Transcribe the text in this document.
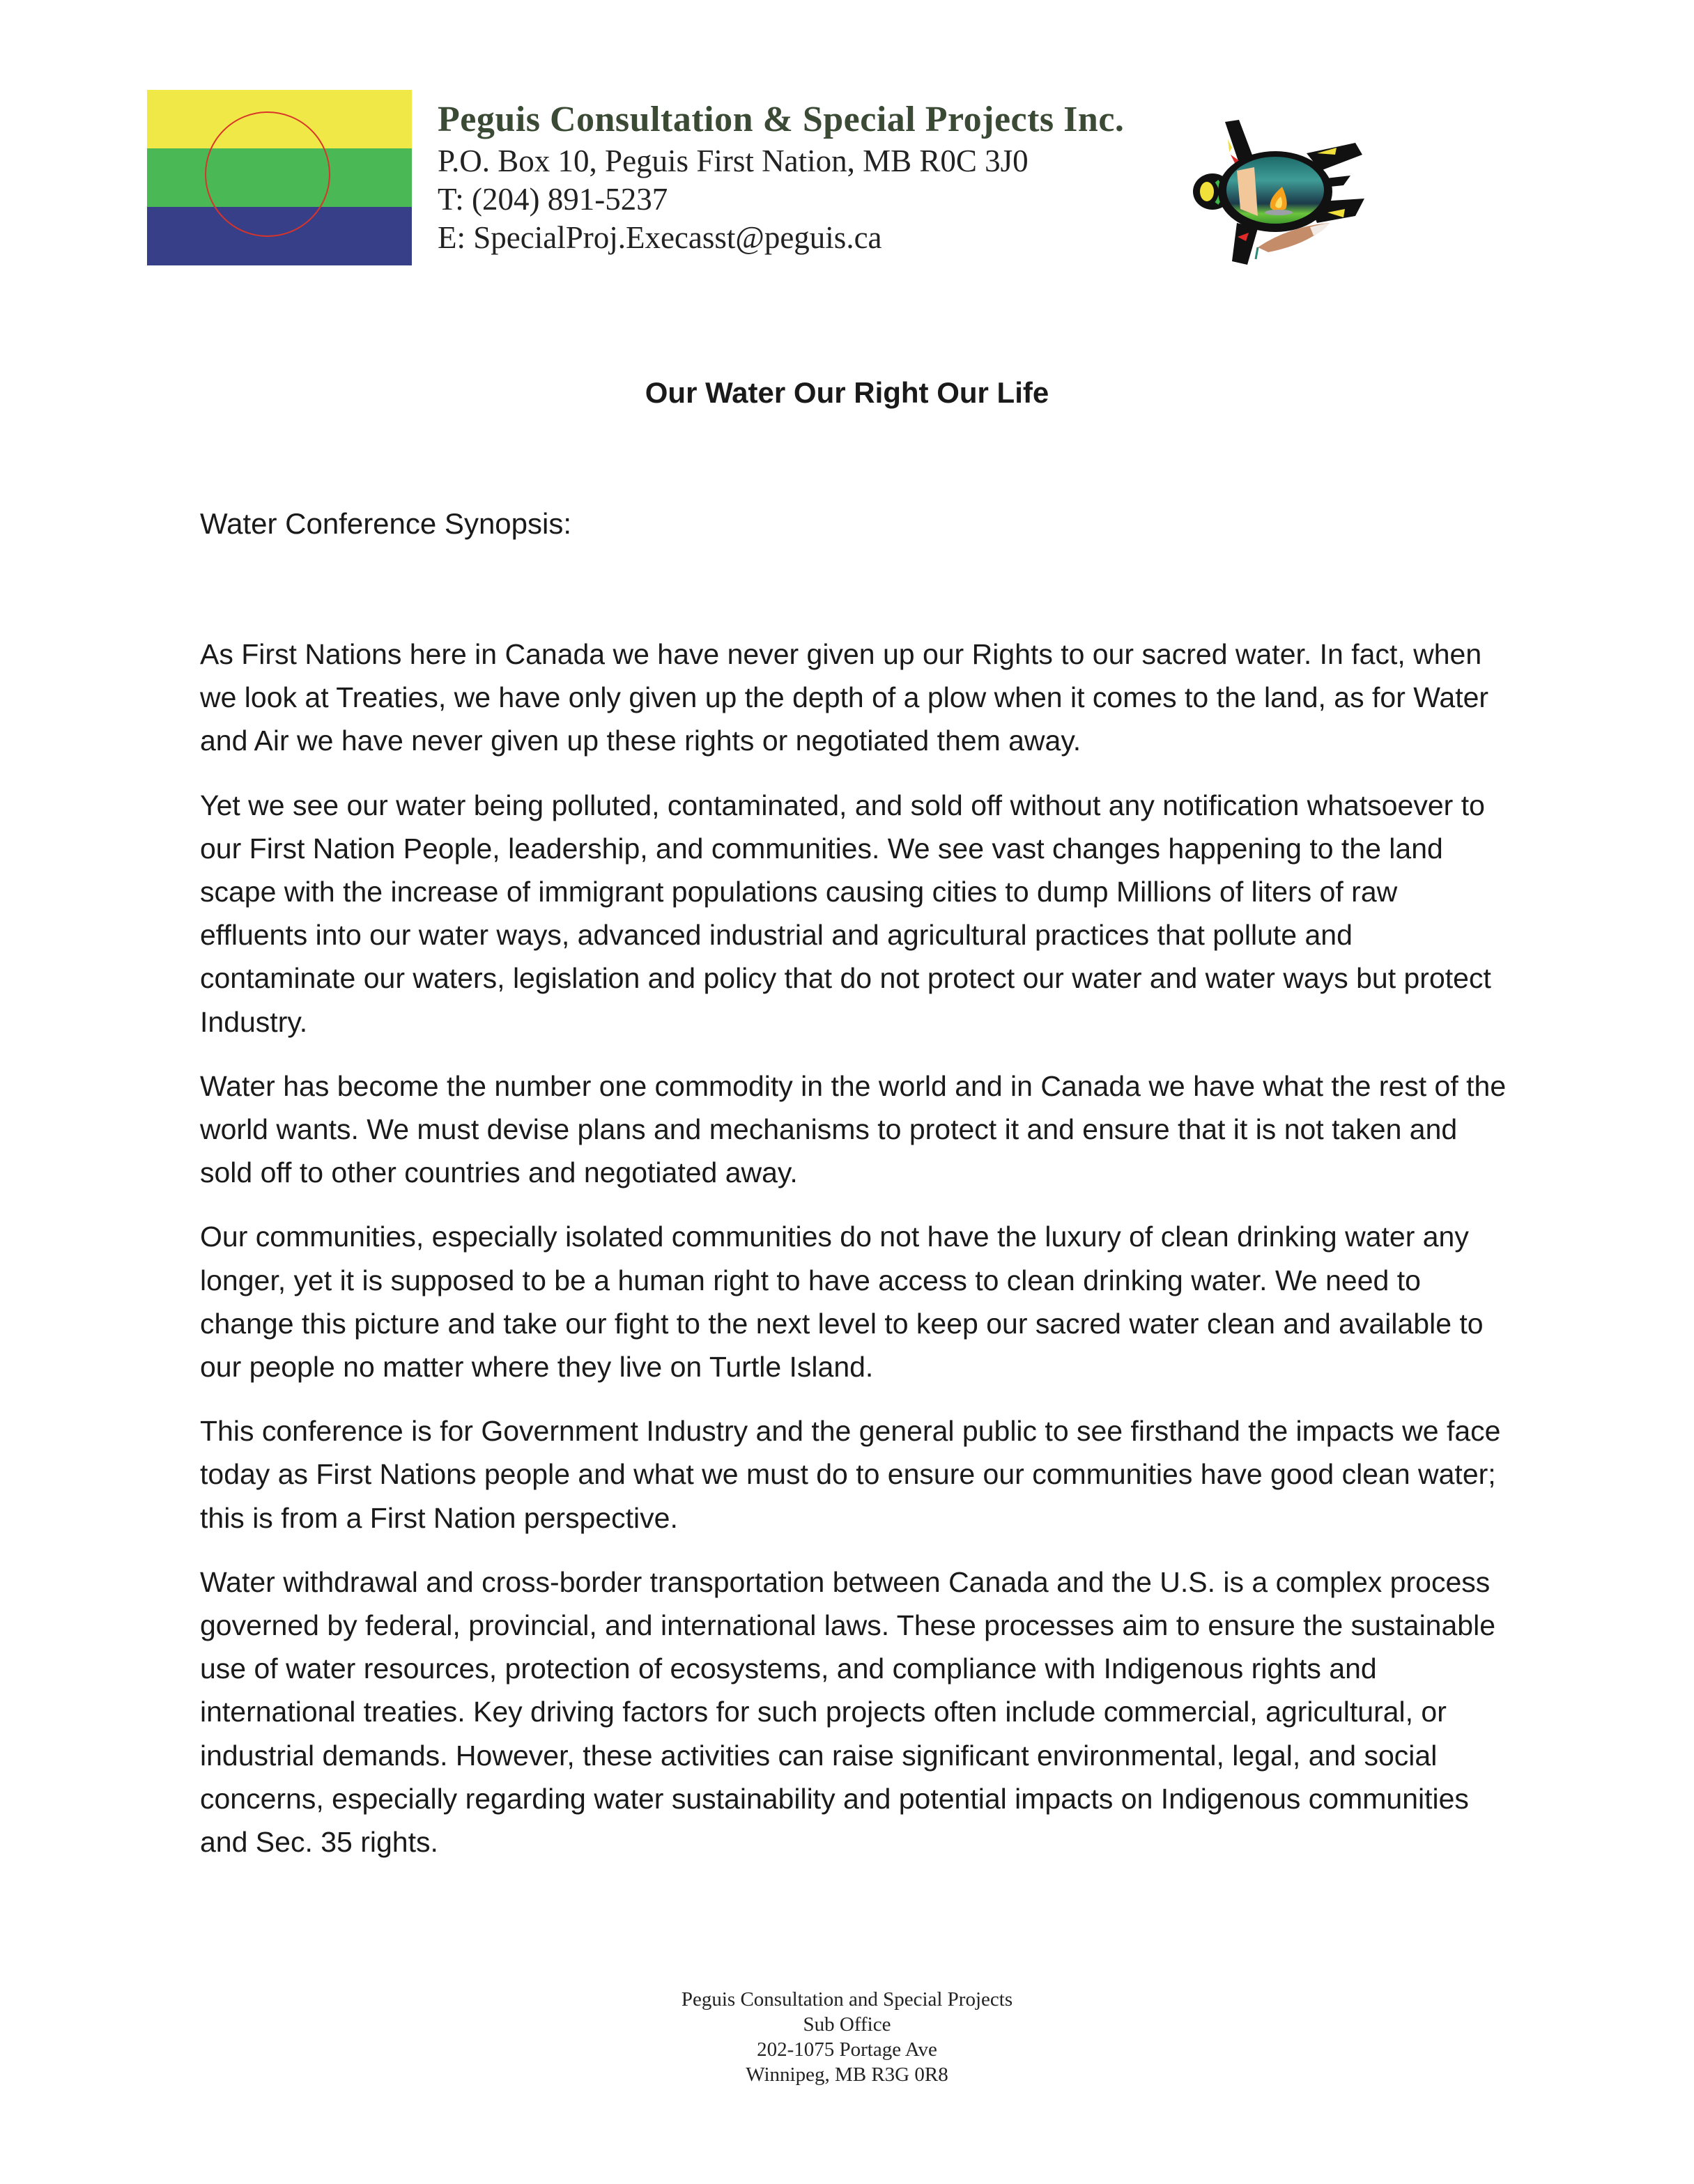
Peguis Consultation & Special Projects Inc.
P.O. Box 10, Peguis First Nation, MB R0C 3J0
T: (204) 891-5237
E: SpecialProj.Execasst@peguis.ca
Our Water Our Right Our Life
Water Conference Synopsis:

As First Nations here in Canada we have never given up our Rights to our sacred water. In fact, when we look at Treaties, we have only given up the depth of a plow when it comes to the land, as for Water and Air we have never given up these rights or negotiated them away.

Yet we see our water being polluted, contaminated, and sold off without any notification whatsoever to our First Nation People, leadership, and communities. We see vast changes happening to the land scape with the increase of immigrant populations causing cities to dump Millions of liters of raw effluents into our water ways, advanced industrial and agricultural practices that pollute and contaminate our waters, legislation and policy that do not protect our water and water ways but protect Industry.

Water has become the number one commodity in the world and in Canada we have what the rest of the world wants. We must devise plans and mechanisms to protect it and ensure that it is not taken and sold off to other countries and negotiated away.

Our communities, especially isolated communities do not have the luxury of clean drinking water any longer, yet it is supposed to be a human right to have access to clean drinking water. We need to change this picture and take our fight to the next level to keep our sacred water clean and available to our people no matter where they live on Turtle Island.

This conference is for Government Industry and the general public to see firsthand the impacts we face today as First Nations people and what we must do to ensure our communities have good clean water; this is from a First Nation perspective.

Water withdrawal and cross-border transportation between Canada and the U.S. is a complex process governed by federal, provincial, and international laws. These processes aim to ensure the sustainable use of water resources, protection of ecosystems, and compliance with Indigenous rights and international treaties. Key driving factors for such projects often include commercial, agricultural, or industrial demands. However, these activities can raise significant environmental, legal, and social concerns, especially regarding water sustainability and potential impacts on Indigenous communities and Sec. 35 rights.

Peguis Consultation and Special Projects
Sub Office
202-1075 Portage Ave
Winnipeg, MB R3G 0R8
